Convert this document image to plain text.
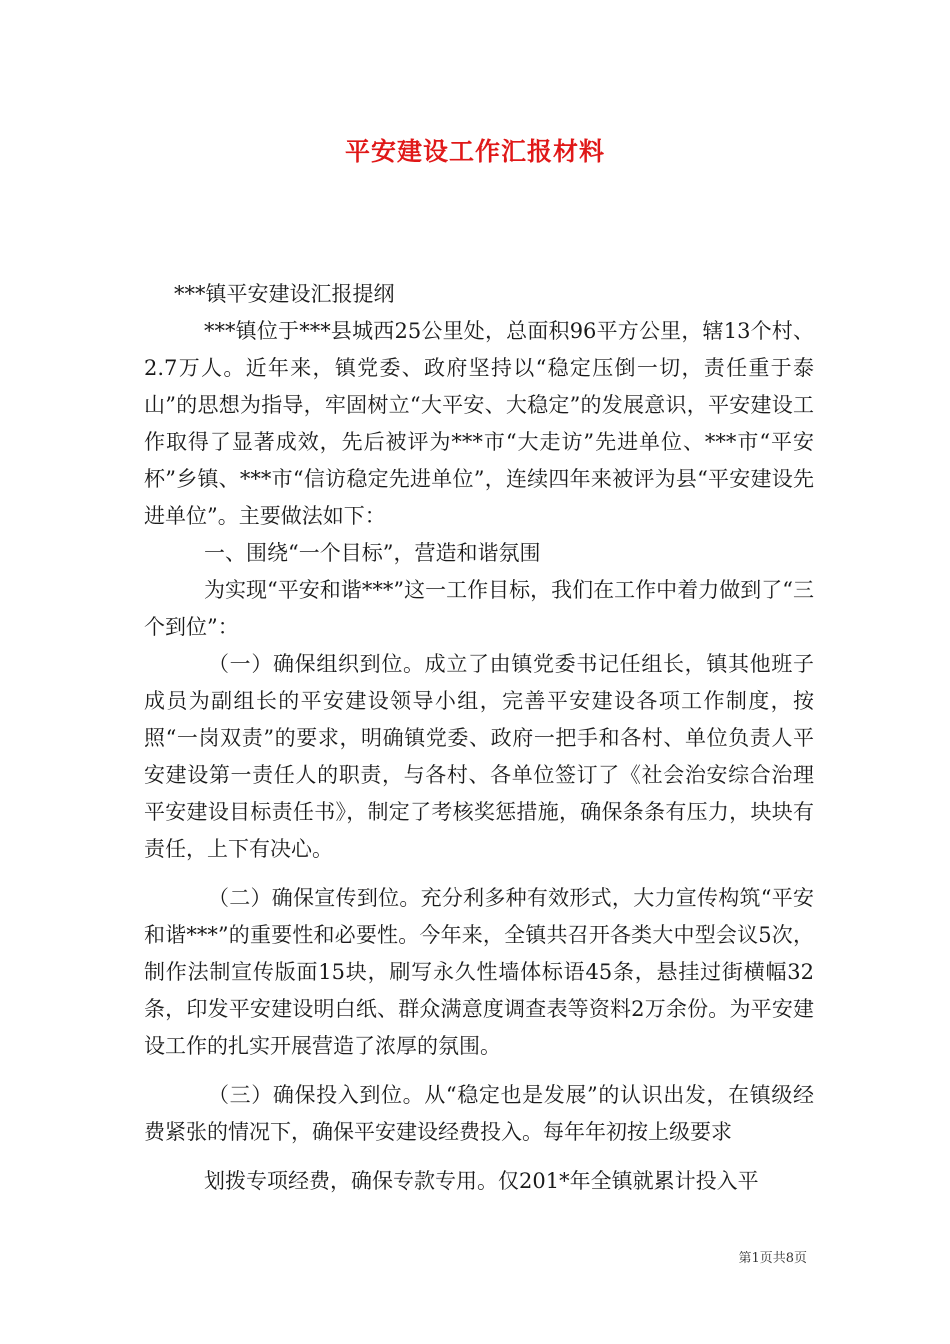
平安建设工作汇报材料

***镇平安建设汇报提纲

***镇位于***县城西25公里处，总面积96平方公里，辖13个村、2.7万人。近年来，镇党委、政府坚持以“稳定压倒一切，责任重于泰山”的思想为指导，牢固树立“大平安、大稳定”的发展意识，平安建设工作取得了显著成效，先后被评为***市“大走访”先进单位、***市“平安杯”乡镇、***市“信访稳定先进单位”，连续四年来被评为县“平安建设先进单位”。主要做法如下：

一、围绕“一个目标”，营造和谐氛围

为实现“平安和谐***”这一工作目标，我们在工作中着力做到了“三个到位”：

（一）确保组织到位。成立了由镇党委书记任组长，镇其他班子成员为副组长的平安建设领导小组，完善平安建设各项工作制度，按照“一岗双责”的要求，明确镇党委、政府一把手和各村、单位负责人平安建设第一责任人的职责，与各村、各单位签订了《社会治安综合治理平安建设目标责任书》，制定了考核奖惩措施，确保条条有压力，块块有责任，上下有决心。

（二）确保宣传到位。充分利多种有效形式，大力宣传构筑“平安和谐***”的重要性和必要性。今年来，全镇共召开各类大中型会议5次，制作法制宣传版面15块，刷写永久性墙体标语45条，悬挂过街横幅32条，印发平安建设明白纸、群众满意度调查表等资料2万余份。为平安建设工作的扎实开展营造了浓厚的氛围。

（三）确保投入到位。从“稳定也是发展”的认识出发，在镇级经费紧张的情况下，确保平安建设经费投入。每年年初按上级要求

划拨专项经费，确保专款专用。仅201*年全镇就累计投入平

第1页共8页
